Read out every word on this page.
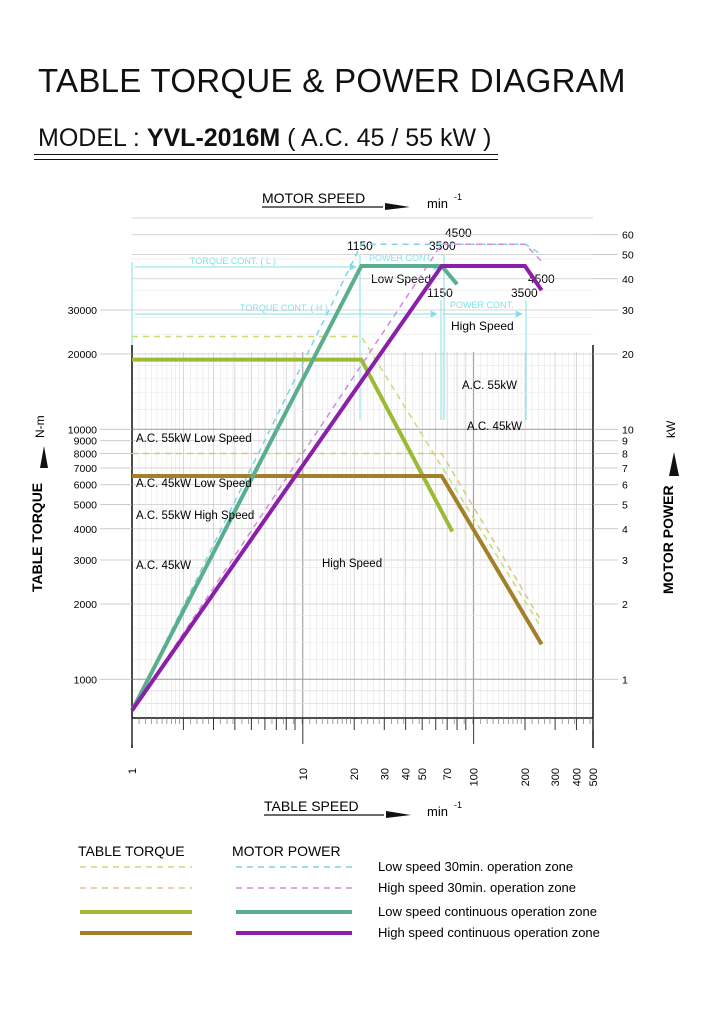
TABLE TORQUE & POWER DIAGRAM
MODEL : YVL-2016M ( A.C. 45 / 55 kW )
MOTOR SPEED	min -1
1150	3500
4500
1150	3500
4500
TORQUE CONT. ( L )	POWER CONT.
TORQUE CONT. ( H )	POWER CONT.
Low Speed
High Speed
1	10	20 30 40 50 70 100	200 300 400 500
1000
2000
3000
4000
5000
6000
7000
8000
9000
10000
20000
30000
1
2
3
4
5
6
7
8
9
10
20
30
40
50
60
TABLE TORQUE
N-m
MOTOR POWER
kW
A.C. 55kW Low Speed
A.C. 45kW Low Speed
A.C. 55kW High Speed
A.C. 45kW	High Speed
A.C. 55kW
A.C. 45kW
TABLE SPEED	min -1
TABLE TORQUE	MOTOR POWER
Low speed 30min. operation zone
High speed 30min. operation zone
Low speed continuous operation zone
High speed continuous operation zone
